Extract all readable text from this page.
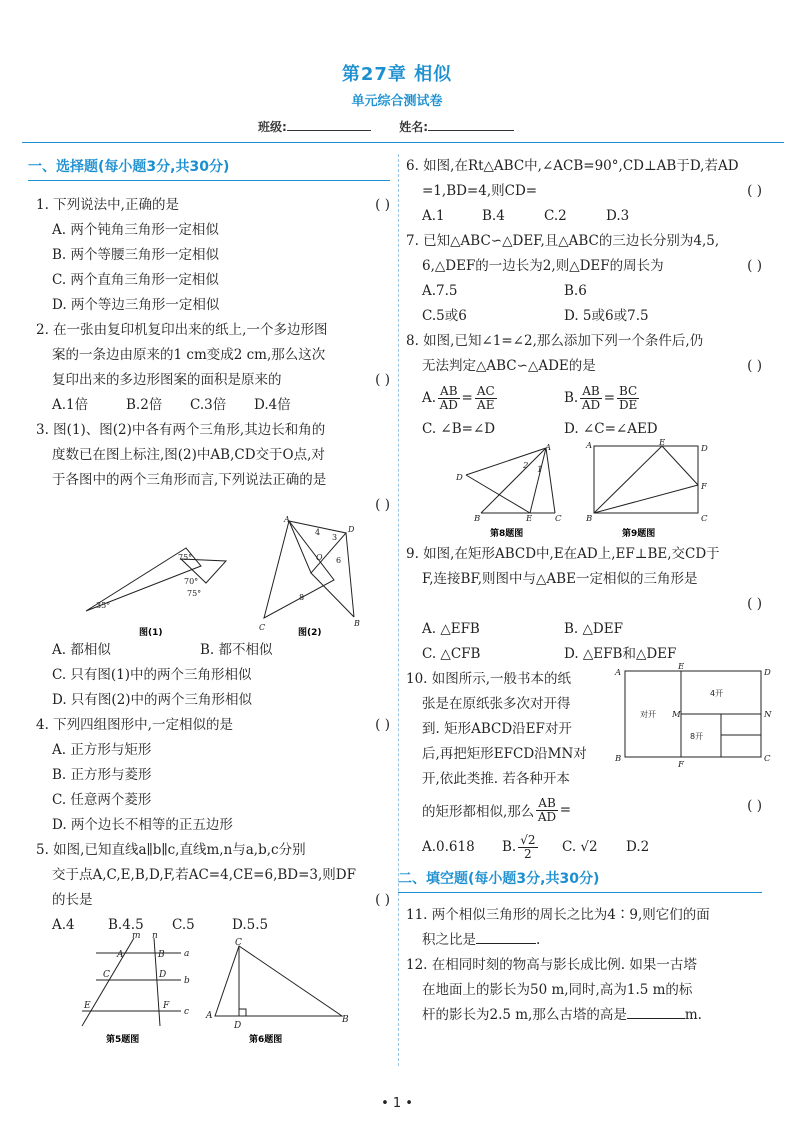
第27章 相似
单元综合测试卷
班级:	姓名:
一、选择题(每小题3分,共30分)
1. 下列说法中,正确的是	( )
A. 两个钝角三角形一定相似
B. 两个等腰三角形一定相似
C. 两个直角三角形一定相似
D. 两个等边三角形一定相似
2. 在一张由复印机复印出来的纸上,一个多边形图
案的一条边由原来的1 cm变成2 cm,那么这次
复印出来的多边形图案的面积是原来的	( )
A.1倍	B.2倍	C.3倍	D.4倍
3. 图(1)、图(2)中各有两个三角形,其边长和角的
度数已在图上标注,图(2)中AB,CD交于O点,对
于各图中的两个三角形而言,下列说法正确的是
( )
35°
75°
70°
75°
A
4
3
D
O 6
8
C	B
图(1)	图(2)
A. 都相似	B. 都不相似
C. 只有图(1)中的两个三角形相似
D. 只有图(2)中的两个三角形相似
4. 下列四组图形中,一定相似的是	( )
A. 正方形与矩形
B. 正方形与菱形
C. 任意两个菱形
D. 两个边长不相等的正五边形
5. 如图,已知直线a∥b∥c,直线m,n与a,b,c分别
交于点A,C,E,B,D,F,若AC=4,CE=6,BD=3,则DF
的长是	( )
A.4	B.4.5	C.5	D.5.5
m n
A	B a
C	D
b
E	F
c
C
A
D
B
第5题图	第6题图
6. 如图,在Rt△ABC中,∠ACB=90°,CD⊥AB于D,若AD
=1,BD=4,则CD=	( )
A.1	B.4	C.2	D.3
7. 已知△ABC∽△DEF,且△ABC的三边长分别为4,5,
6,△DEF的一边长为2,则△DEF的周长为	( )
A.7.5	B.6
C.5或6	D. 5或6或7.5
8. 如图,已知∠1=∠2,那么添加下列一个条件后,仍
无法判定△ABC∽△ADE的是	( )
A. $\frac{AB}{AD} = \frac{AC}{AE}$	B. $\frac{AB}{AD} = \frac{BC}{DE}$
C. ∠B=∠D	D. ∠C=∠AED
A
2 1
D
B	E	C
A	E
D
F
B	C
第8题图	第9题图
9. 如图,在矩形ABCD中,E在AD上,EF⊥BE,交CD于
F,连接BF,则图中与△ABE一定相似的三角形是
( )
A. △EFB	B. △DEF
C. △CFB	D. △EFB和△DEF
10. 如图所示,一般书本的纸
张是在原纸张多次对开得
到. 矩形ABCD沿EF对开
后,再把矩形EFCD沿MN对
开,依此类推. 若各种开本
的矩形都相似,那么 $\frac{AB}{AD}$ =	( )
A.0.618	B. $\frac{√2}{2} C$. √2	D.2
A
E
D
M	N
B
F
C
对开
4开
8开
二、填空题(每小题3分,共30分)
11. 两个相似三角形的周长之比为4∶9,则它们的面
积之比是	.
12. 在相同时刻的物高与影长成比例. 如果一古塔
在地面上的影长为50 m,同时,高为1.5 m的标
杆的影长为2.5 m,那么古塔的高是	m.
• 1 •
